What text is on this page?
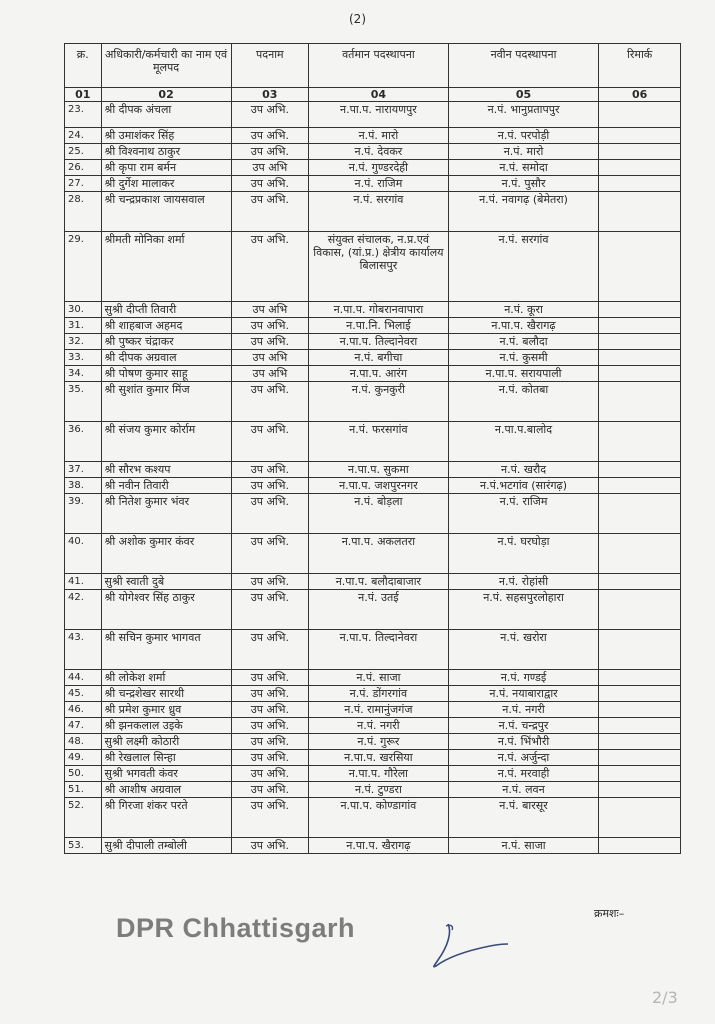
(2)
क्र.	अधिकारी/कर्मचारी का नाम एवं मूलपद	पदनाम	वर्तमान पदस्थापना	नवीन पदस्थापना	रिमार्क
01	02	03	04	05	06
23.	श्री दीपक अंचला	उप अभि.	न.पा.प. नारायणपुर	न.पं. भानुप्रतापपुर	
24.	श्री उमाशंकर सिंह	उप अभि.	न.पं. मारो	न.पं. परपोड़ी	
25.	श्री विश्वनाथ ठाकुर	उप अभि.	न.पं. देवकर	न.पं. मारो	
26.	श्री कृपा राम बर्मन	उप अभि	न.पं. गुण्डरदेही	न.पं. समोदा	
27.	श्री दुर्गेश मालाकर	उप अभि.	न.पं. राजिम	न.पं. पुसौर	
28.	श्री चन्द्रप्रकाश जायसवाल	उप अभि.	न.पं. सरगांव	न.पं. नवागढ़ (बेमेतरा)	
29.	श्रीमती मोनिका शर्मा	उप अभि.	संयुक्त संचालक, न.प्र.एवं विकास, (यां.प्र.) क्षेत्रीय कार्यालय बिलासपुर	न.पं. सरगांव	
30.	सुश्री दीप्ती तिवारी	उप अभि	न.पा.प. गोबरानवापारा	न.पं. कूरा	
31.	श्री शाहबाज अहमद	उप अभि.	न.पा.नि. भिलाई	न.पा.प. खैरागढ़	
32.	श्री पुष्कर चंद्राकर	उप अभि.	न.पा.प. तिल्दानेवरा	न.पं. बलौदा	
33.	श्री दीपक अग्रवाल	उप अभि	न.पं. बगीचा	न.पं. कुसमी	
34.	श्री पोषण कुमार साहू	उप अभि	न.पा.प. आरंग	न.पा.प. सरायपाली	
35.	श्री सुशांत कुमार मिंज	उप अभि.	न.पं. कुनकुरी	न.पं. कोतबा	
36.	श्री संजय कुमार कोर्राम	उप अभि.	न.पं. फरसगांव	न.पा.प.बालोद	
37.	श्री सौरभ कश्यप	उप अभि.	न.पा.प. सुकमा	न.पं. खरौद	
38.	श्री नवीन तिवारी	उप अभि.	न.पा.प. जशपुरनगर	न.पं.भटगांव (सारंगढ़)	
39.	श्री नितेश कुमार भंवर	उप अभि.	न.पं. बोड़ला	न.पं. राजिम	
40.	श्री अशोक कुमार कंवर	उप अभि.	न.पा.प. अकलतरा	न.पं. घरघोड़ा	
41.	सुश्री स्वाती दुबे	उप अभि.	न.पा.प. बलौदाबाजार	न.पं. रोहांसी	
42.	श्री योगेश्वर सिंह ठाकुर	उप अभि.	न.पं. उतई	न.पं. सहसपुरलोहारा	
43.	श्री सचिन कुमार भागवत	उप अभि.	न.पा.प. तिल्दानेवरा	न.पं. खरोरा	
44.	श्री लोकेश शर्मा	उप अभि.	न.पं. साजा	न.पं. गण्डई	
45.	श्री चन्द्रशेखर सारथी	उप अभि.	न.पं. डोंगरगांव	न.पं. नयाबाराद्वार	
46.	श्री प्रमेश कुमार ध्रुव	उप अभि.	न.पं. रामानुंजगंज	न.पं. नगरी	
47.	श्री झनकलाल उइके	उप अभि.	न.पं. नगरी	न.पं. चन्द्रपुर	
48.	सुश्री लक्ष्मी कोठारी	उप अभि.	न.पं. गुरूर	न.पं. भिंभौरी	
49.	श्री रेखलाल सिन्हा	उप अभि.	न.पा.प. खरसिया	न.पं. अर्जुन्दा	
50.	सुश्री भगवती कंवर	उप अभि.	न.पा.प. गौरेला	न.पं. मरवाही	
51.	श्री आशीष अग्रवाल	उप अभि.	न.पं. टुण्डरा	न.पं. लवन	
52.	श्री गिरजा शंकर परते	उप अभि.	न.पा.प. कोण्डागांव	न.पं. बारसूर	
53.	सुश्री दीपाली तम्बोली	उप अभि.	न.पा.प. खैरागढ़	न.पं. साजा	
क्रमशः–
DPR Chhattisgarh
2/3
